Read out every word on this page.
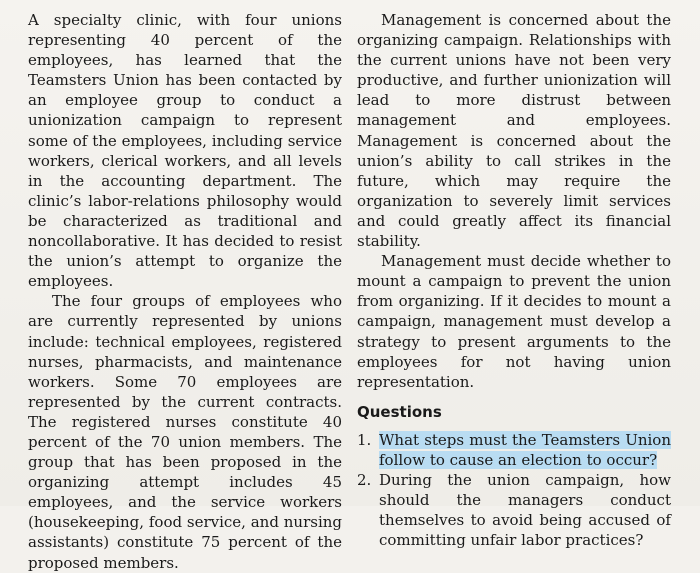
A specialty clinic, with four unions representing 40 percent of the employees, has learned that the Teamsters Union has been contacted by an employee group to conduct a unionization campaign to represent some of the employees, including service workers, clerical workers, and all levels in the accounting department. The clinic’s labor-relations philosophy would be characterized as traditional and noncollaborative. It has decided to resist the union’s attempt to organize the employees.

The four groups of employees who are currently represented by unions include: technical employees, registered nurses, pharmacists, and maintenance workers. Some 70 employees are represented by the current contracts. The registered nurses constitute 40 percent of the 70 union members. The group that has been proposed in the organizing attempt includes 45 employees, and the service workers (housekeeping, food service, and nursing assistants) constitute 75 percent of the proposed members.

Management is concerned about the organizing campaign. Relationships with the current unions have not been very productive, and further unionization will lead to more distrust between management and employees. Management is concerned about the union’s ability to call strikes in the future, which may require the organization to severely limit services and could greatly affect its financial stability.

Management must decide whether to mount a campaign to prevent the union from organizing. If it decides to mount a campaign, management must develop a strategy to present arguments to the employees for not having union representation.

Questions
1. What steps must the Teamsters Union follow to cause an election to occur?
2. During the union campaign, how should the managers conduct themselves to avoid being accused of committing unfair labor practices?
